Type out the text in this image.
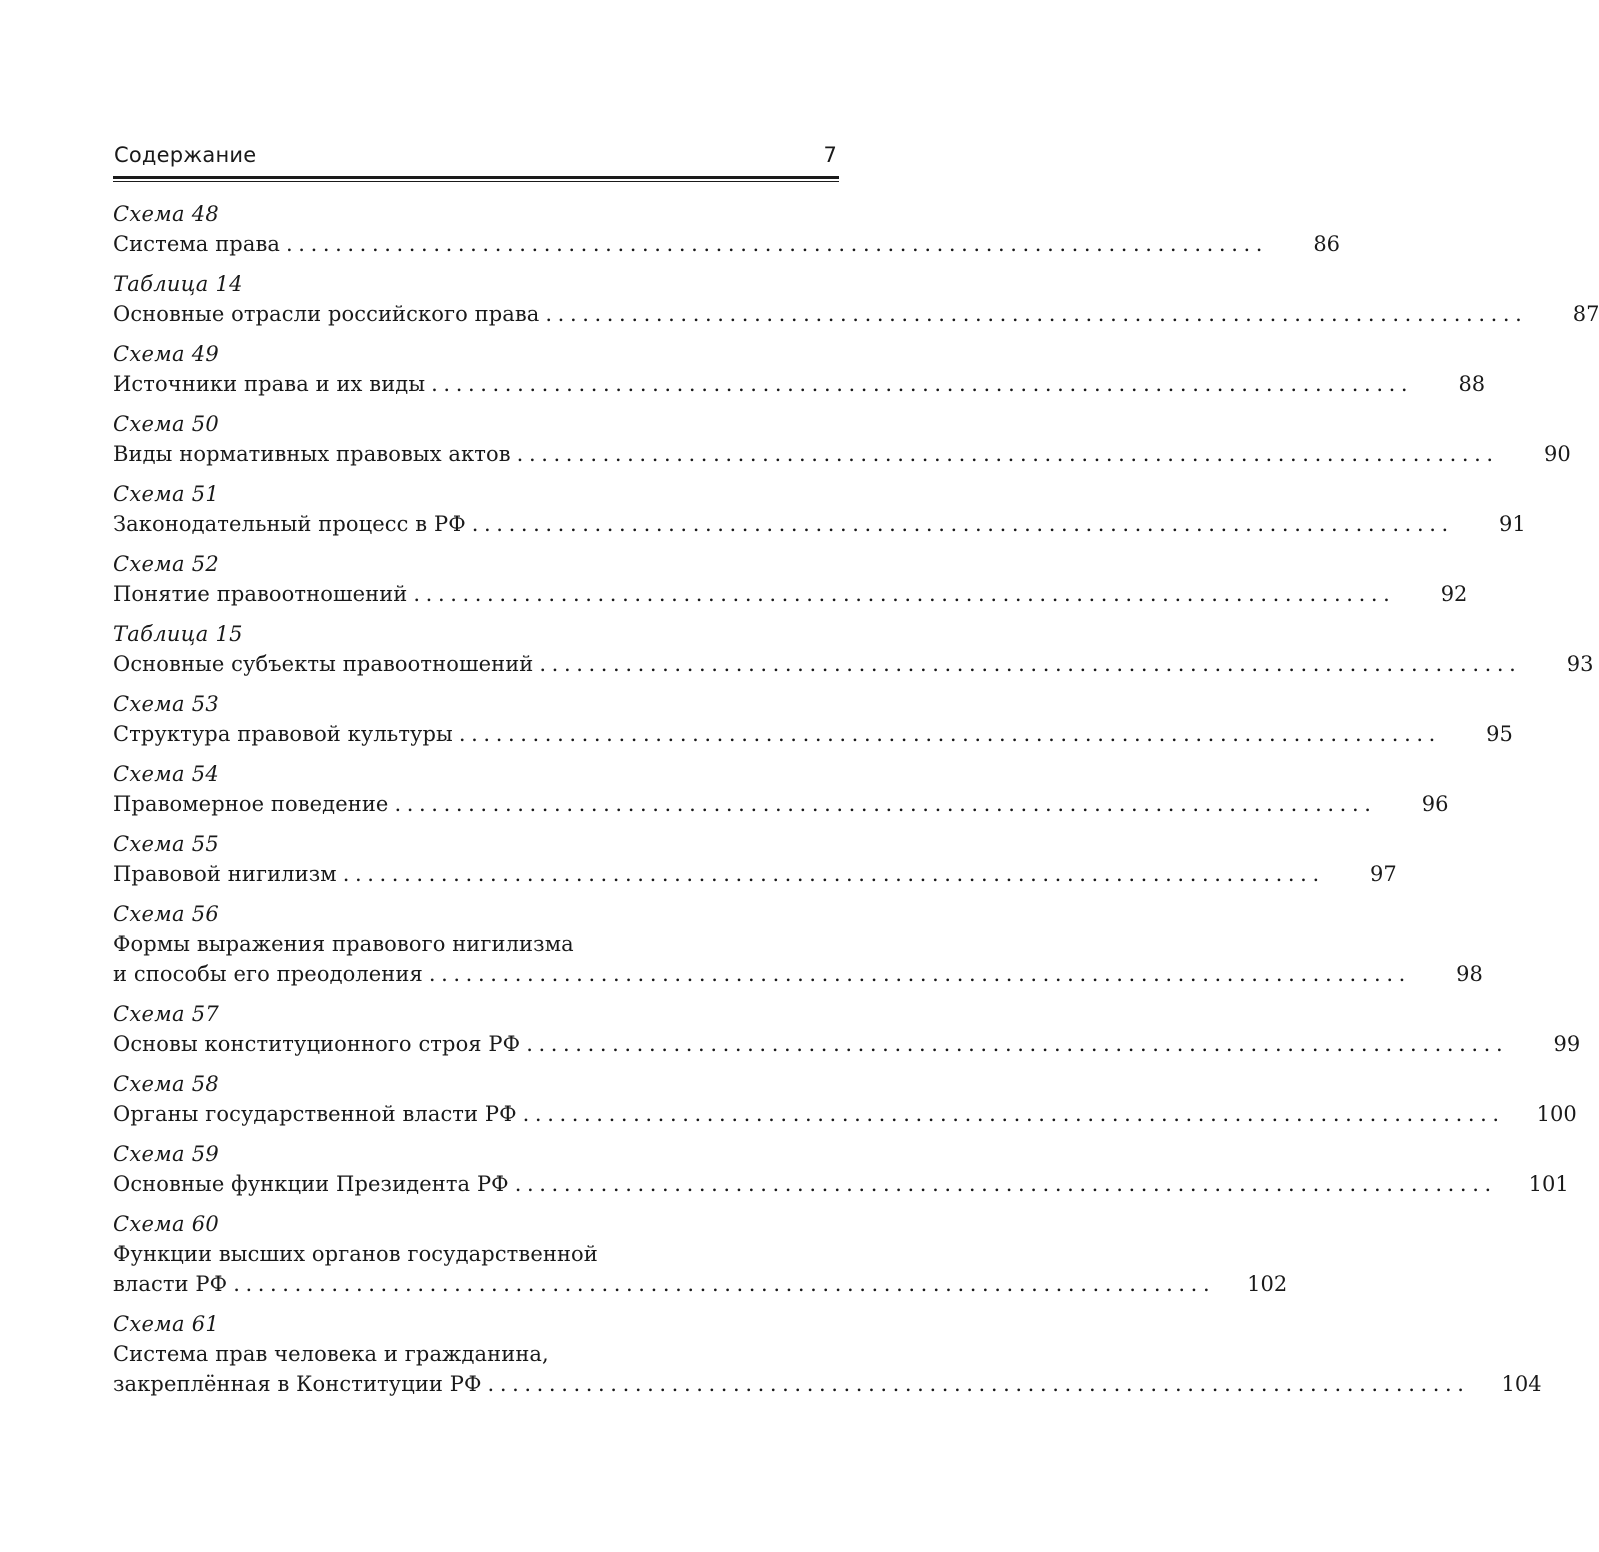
Содержание	7
Схема 48
Система права ................................................................................	86
Таблица 14
Основные отрасли российского права ................................................................................	87
Схема 49
Источники права и их виды ................................................................................	88
Схема 50
Виды нормативных правовых актов ................................................................................	90
Схема 51
Законодательный процесс в РФ ................................................................................	91
Схема 52
Понятие правоотношений ................................................................................	92
Таблица 15
Основные субъекты правоотношений ................................................................................	93
Схема 53
Структура правовой культуры ................................................................................	95
Схема 54
Правомерное поведение ................................................................................	96
Схема 55
Правовой нигилизм ................................................................................	97
Схема 56
Формы выражения правового нигилизма
и способы его преодоления ................................................................................	98
Схема 57
Основы конституционного строя РФ ................................................................................	99
Схема 58
Органы государственной власти РФ ................................................................................	100
Схема 59
Основные функции Президента РФ ................................................................................	101
Схема 60
Функции высших органов государственной
власти РФ ................................................................................	102
Схема 61
Система прав человека и гражданина,
закреплённая в Конституции РФ ................................................................................	104
